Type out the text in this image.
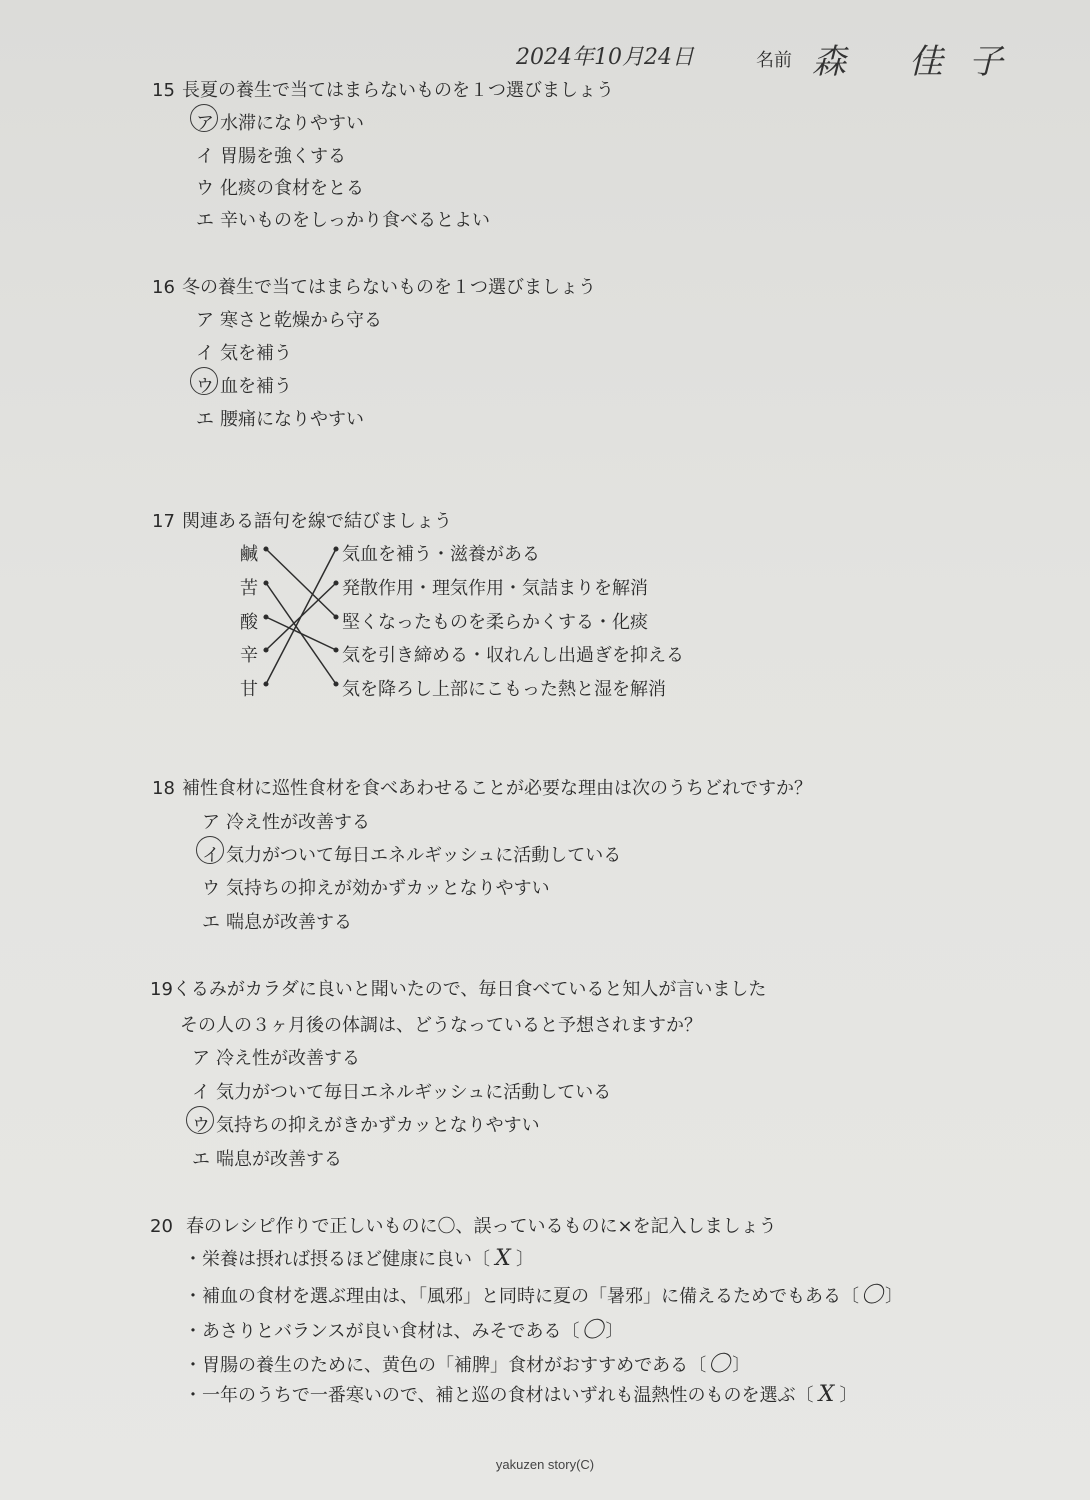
2024年10月24日	名前 森 佳子
15 長夏の養生で当てはまらないものを１つ選びましょう
ア 水滞になりやすい
イ 胃腸を強くする
ウ 化痰の食材をとる
エ 辛いものをしっかり食べるとよい
16 冬の養生で当てはまらないものを１つ選びましょう
ア 寒さと乾燥から守る
イ 気を補う
ウ 血を補う
エ 腰痛になりやすい
17 関連ある語句を線で結びましょう
鹹
苦
酸
辛
甘
気血を補う・滋養がある
発散作用・理気作用・気詰まりを解消
堅くなったものを柔らかくする・化痰
気を引き締める・収れんし出過ぎを抑える
気を降ろし上部にこもった熱と湿を解消
18 補性食材に巡性食材を食べあわせることが必要な理由は次のうちどれですか？
ア 冷え性が改善する
イ 気力がついて毎日エネルギッシュに活動している
ウ 気持ちの抑えが効かずカッとなりやすい
エ 喘息が改善する
19くるみがカラダに良いと聞いたので、毎日食べていると知人が言いました
その人の３ヶ月後の体調は、どうなっていると予想されますか？
ア 冷え性が改善する
イ 気力がついて毎日エネルギッシュに活動している
ウ 気持ちの抑えがきかずカッとなりやすい
エ 喘息が改善する
20 春のレシピ作りで正しいものに〇、誤っているものに×を記入しましょう
・栄養は摂れば摂るほど健康に良い〔 X 〕
・補血の食材を選ぶ理由は、「風邪」と同時に夏の「暑邪」に備えるためでもある〔〇 〕
・あさりとバランスが良い食材は、みそである〔〇 〕
・胃腸の養生のために、黄色の「補脾」食材がおすすめである〔〇 〕
・一年のうちで一番寒いので、補と巡の食材はいずれも温熱性のものを選ぶ〔 X 〕
yakuzen story(C)
